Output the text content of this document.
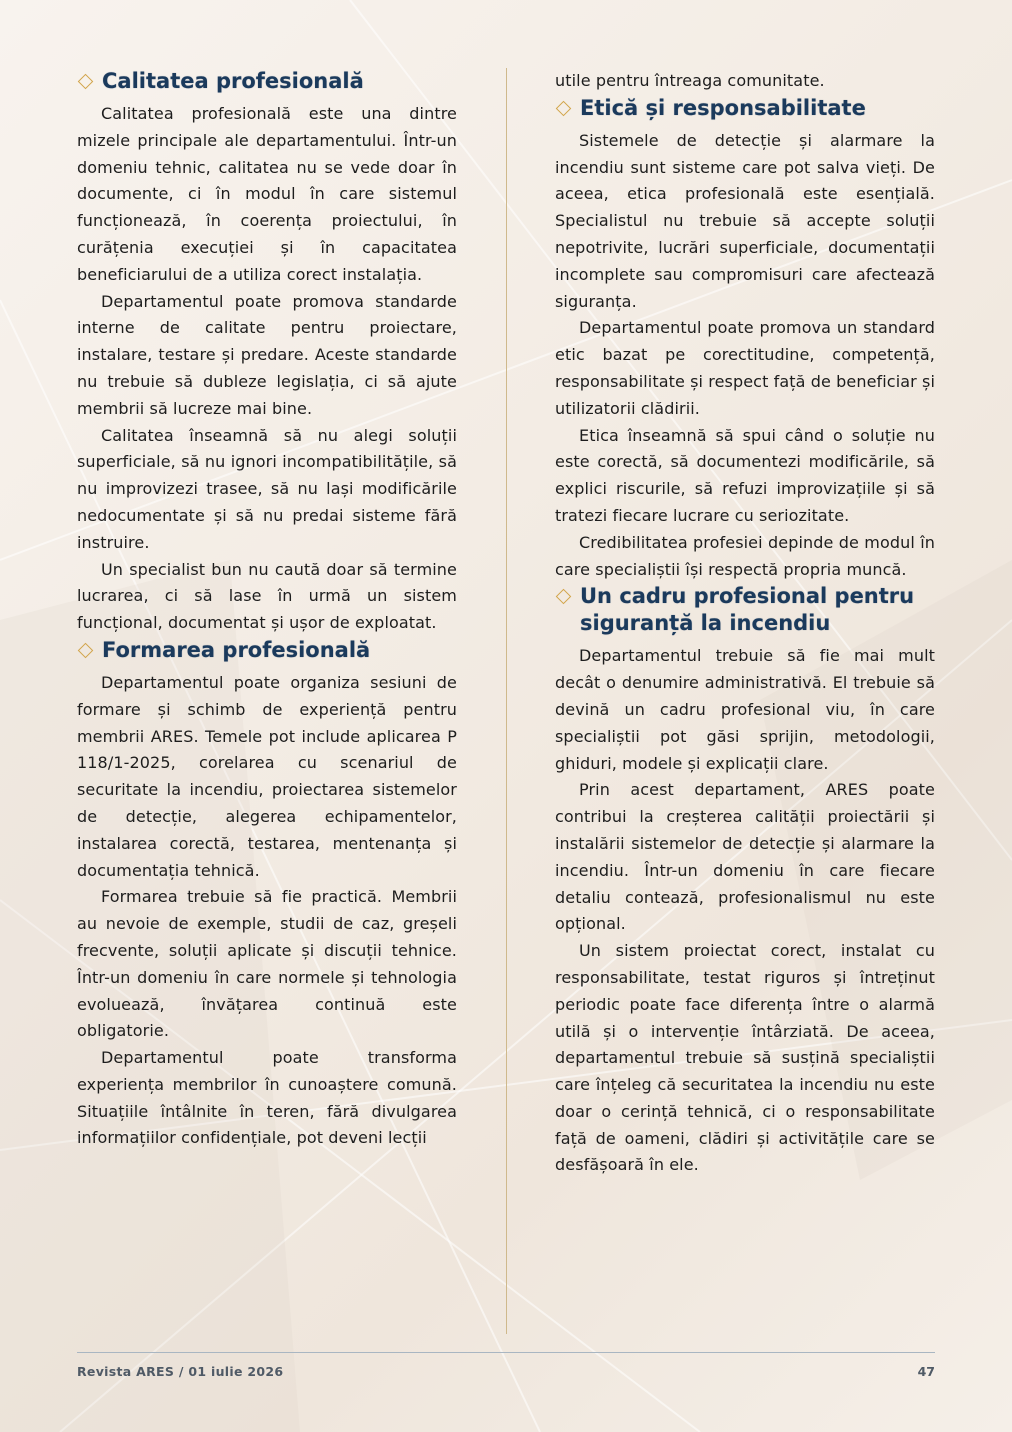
Calitatea profesională

Calitatea profesională este una dintre mizele principale ale departamentului. Într-un domeniu tehnic, calitatea nu se vede doar în documente, ci în modul în care sistemul funcționează, în coerența proiectului, în curățenia execuției și în capacitatea beneficiarului de a utiliza corect instalația.

Departamentul poate promova standarde interne de calitate pentru proiectare, instalare, testare și predare. Aceste standarde nu trebuie să dubleze legislația, ci să ajute membrii să lucreze mai bine.

Calitatea înseamnă să nu alegi soluții superficiale, să nu ignori incompatibilitățile, să nu improvizezi trasee, să nu lași modificările nedocumentate și să nu predai sisteme fără instruire.

Un specialist bun nu caută doar să termine lucrarea, ci să lase în urmă un sistem funcțional, documentat și ușor de exploatat.

Formarea profesională

Departamentul poate organiza sesiuni de formare și schimb de experiență pentru membrii ARES. Temele pot include aplicarea P 118/1-2025, corelarea cu scenariul de securitate la incendiu, proiectarea sistemelor de detecție, alegerea echipamentelor, instalarea corectă, testarea, mentenanța și documentația tehnică.

Formarea trebuie să fie practică. Membrii au nevoie de exemple, studii de caz, greșeli frecvente, soluții aplicate și discuții tehnice. Într-un domeniu în care normele și tehnologia evoluează, învățarea continuă este obligatorie.

Departamentul poate transforma experiența membrilor în cunoaștere comună. Situațiile întâlnite în teren, fără divulgarea informațiilor confidențiale, pot deveni lecții

utile pentru întreaga comunitate.

Etică și responsabilitate

Sistemele de detecție și alarmare la incendiu sunt sisteme care pot salva vieți. De aceea, etica profesională este esențială. Specialistul nu trebuie să accepte soluții nepotrivite, lucrări superficiale, documentații incomplete sau compromisuri care afectează siguranța.

Departamentul poate promova un standard etic bazat pe corectitudine, competență, responsabilitate și respect față de beneficiar și utilizatorii clădirii.

Etica înseamnă să spui când o soluție nu este corectă, să documentezi modificările, să explici riscurile, să refuzi improvizațiile și să tratezi fiecare lucrare cu seriozitate.

Credibilitatea profesiei depinde de modul în care specialiștii își respectă propria muncă.

Un cadru profesional pentru siguranță la incendiu

Departamentul trebuie să fie mai mult decât o denumire administrativă. El trebuie să devină un cadru profesional viu, în care specialiștii pot găsi sprijin, metodologii, ghiduri, modele și explicații clare.

Prin acest departament, ARES poate contribui la creșterea calității proiectării și instalării sistemelor de detecție și alarmare la incendiu. Într-un domeniu în care fiecare detaliu contează, profesionalismul nu este opțional.

Un sistem proiectat corect, instalat cu responsabilitate, testat riguros și întreținut periodic poate face diferența între o alarmă utilă și o intervenție întârziată. De aceea, departamentul trebuie să susțină specialiștii care înțeleg că securitatea la incendiu nu este doar o cerință tehnică, ci o responsabilitate față de oameni, clădiri și activitățile care se desfășoară în ele.

Revista ARES / 01 iulie 2026	47
